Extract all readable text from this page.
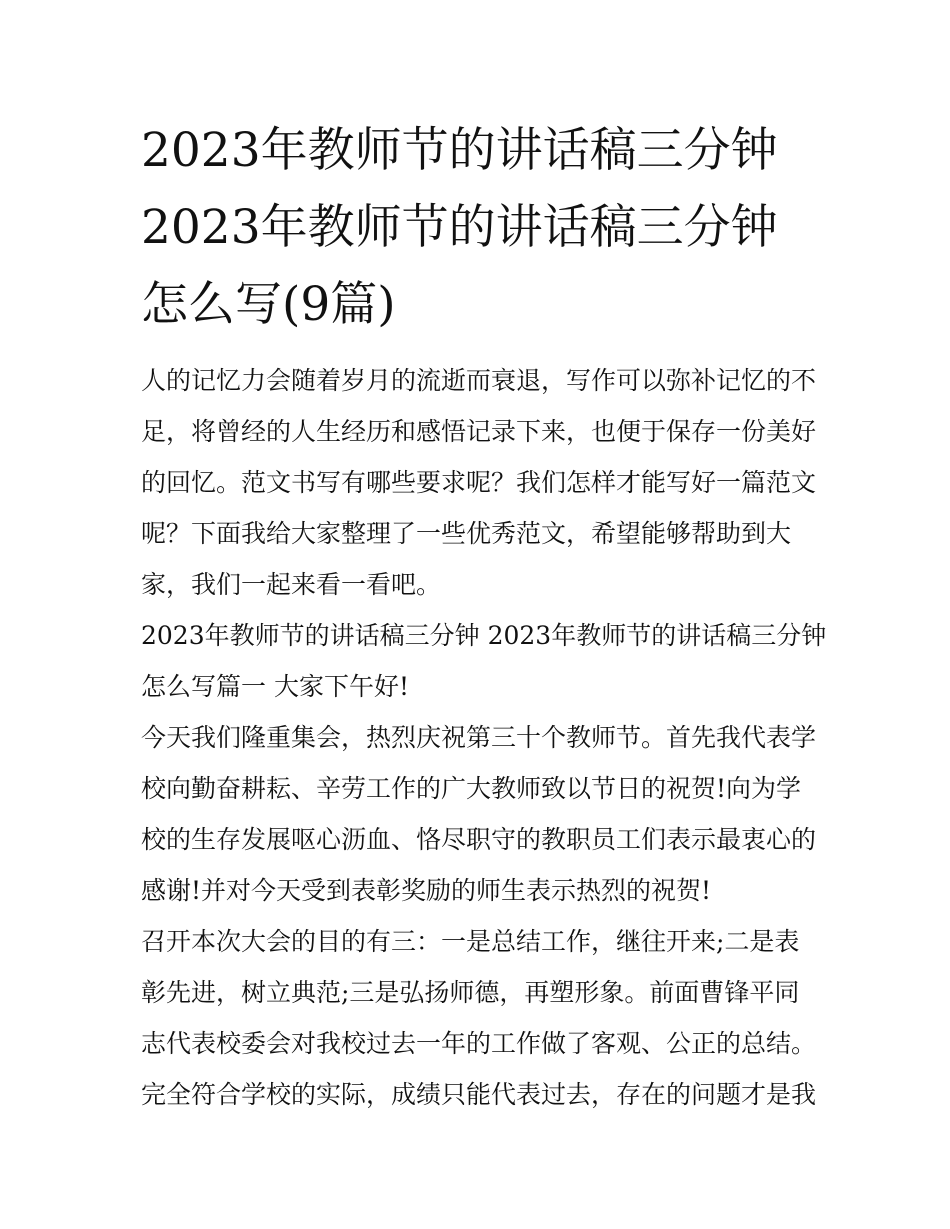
2023年教师节的讲话稿三分钟
2023年教师节的讲话稿三分钟
怎么写(9篇)

人的记忆力会随着岁月的流逝而衰退，写作可以弥补记忆的不
足，将曾经的人生经历和感悟记录下来，也便于保存一份美好
的回忆。范文书写有哪些要求呢？我们怎样才能写好一篇范文
呢？下面我给大家整理了一些优秀范文，希望能够帮助到大
家，我们一起来看一看吧。

2023年教师节的讲话稿三分钟 2023年教师节的讲话稿三分钟
怎么写篇一 大家下午好!

今天我们隆重集会，热烈庆祝第三十个教师节。首先我代表学
校向勤奋耕耘、辛劳工作的广大教师致以节日的祝贺!向为学
校的生存发展呕心沥血、恪尽职守的教职员工们表示最衷心的
感谢!并对今天受到表彰奖励的师生表示热烈的祝贺!

召开本次大会的目的有三：一是总结工作，继往开来;二是表
彰先进，树立典范;三是弘扬师德，再塑形象。前面曹锋平同
志代表校委会对我校过去一年的工作做了客观、公正的总结。
完全符合学校的实际，成绩只能代表过去，存在的问题才是我
